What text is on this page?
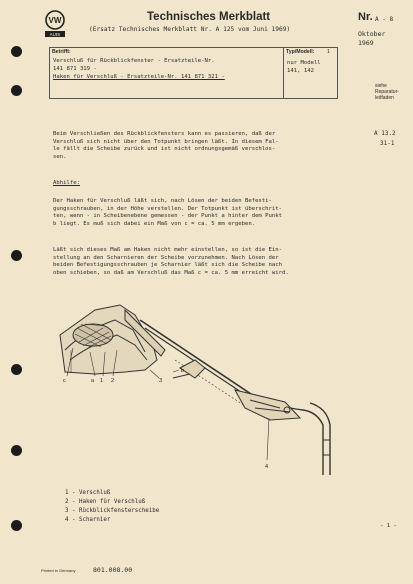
VW
AUDI
Technisches Merkblatt
(Ersatz Technisches Merkblatt Nr. A 125 vom Juni 1969)
Nr. A - 8
Oktober
1969
Betrifft:
Verschluß für Rückblickfenster - Ersatzteile-Nr.
141 871 319 -
Haken für Verschluß - Ersatzteile-Nr. 141 871 321 -
Typ/Modell: 1
nur Modell
141, 142
siehe
Reparatur-
leitfaden
A 13.2
31-1
Beim Verschließen des Rückblickfensters kann es passieren, daß der
Verschluß sich nicht über den Totpunkt bringen läßt. In diesem Fal-
le fällt die Scheibe zurück und ist nicht ordnungsgemäß verschlos-
sen.
Abhilfe:
Der Haken für Verschluß läßt sich, nach Lösen der beiden Befesti-
gungsschrauben, in der Höhe verstellen. Der Totpunkt ist überschrit-
ten, wenn - in Scheibenebene gemessen - der Punkt a hinter dem Punkt
b liegt. Es muß sich dabei ein Maß von c = ca. 5 mm ergeben.
Läßt sich dieses Maß am Haken nicht mehr einstellen, so ist die Ein-
stellung an den Scharnieren der Scheibe vorzunehmen. Nach Lösen der
beiden Befestigungsschrauben je Scharnier läßt sich die Scheibe nach
oben schieben, so daß am Verschluß das Maß c = ca. 5 mm erreicht wird.
c	a 1 2	3
b
4
1 - Verschluß
2 - Haken für Verschluß
3 - Rückblickfensterscheibe
4 - Scharnier
- 1 -
Printed in Germany	801.008.00
